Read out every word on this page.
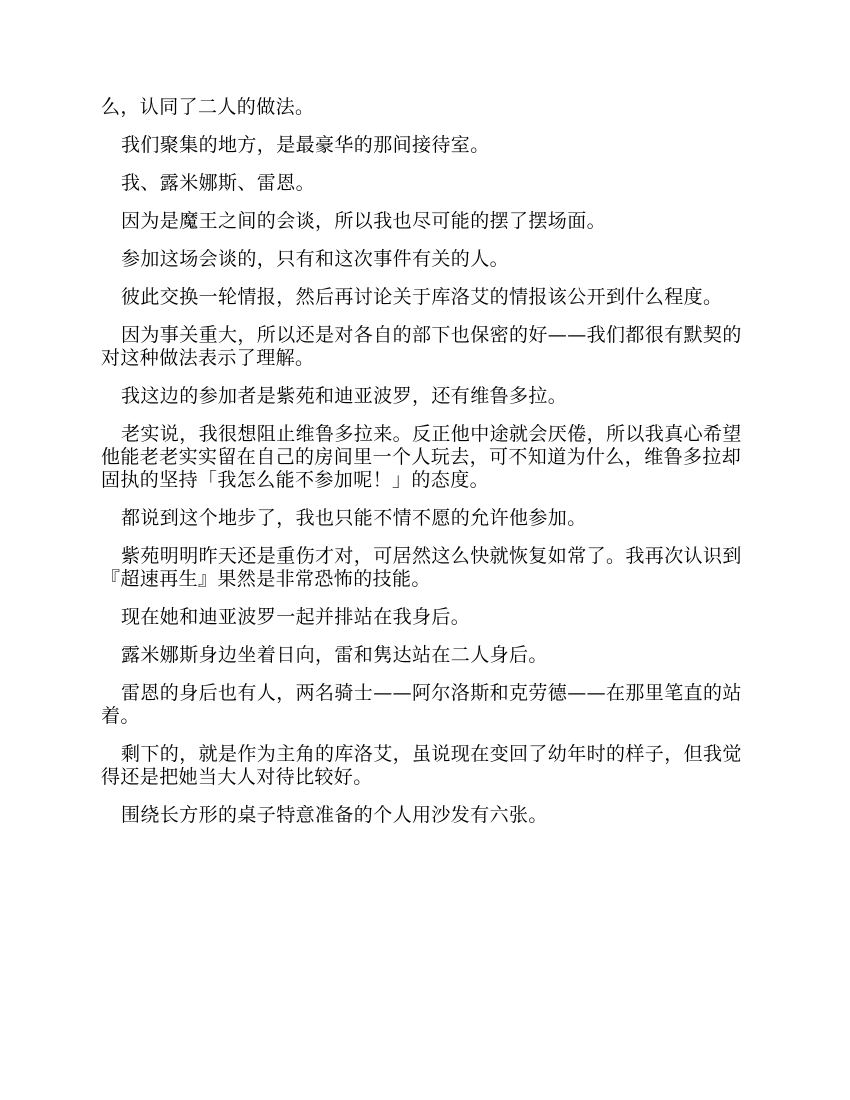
么，认同了二人的做法。

我们聚集的地方，是最豪华的那间接待室。

我、露米娜斯、雷恩。

因为是魔王之间的会谈，所以我也尽可能的摆了摆场面。

参加这场会谈的，只有和这次事件有关的人。

彼此交换一轮情报，然后再讨论关于库洛艾的情报该公开到什么程度。

因为事关重大，所以还是对各自的部下也保密的好——我们都很有默契的对这种做法表示了理解。

我这边的参加者是紫苑和迪亚波罗，还有维鲁多拉。

老实说，我很想阻止维鲁多拉来。反正他中途就会厌倦，所以我真心希望他能老老实实留在自己的房间里一个人玩去，可不知道为什么，维鲁多拉却固执的坚持「我怎么能不参加呢！」的态度。

都说到这个地步了，我也只能不情不愿的允许他参加。

紫苑明明昨天还是重伤才对，可居然这么快就恢复如常了。我再次认识到『超速再生』果然是非常恐怖的技能。

现在她和迪亚波罗一起并排站在我身后。

露米娜斯身边坐着日向，雷和隽达站在二人身后。

雷恩的身后也有人，两名骑士——阿尔洛斯和克劳德——在那里笔直的站着。

剩下的，就是作为主角的库洛艾，虽说现在变回了幼年时的样子，但我觉得还是把她当大人对待比较好。

围绕长方形的桌子特意准备的个人用沙发有六张。
